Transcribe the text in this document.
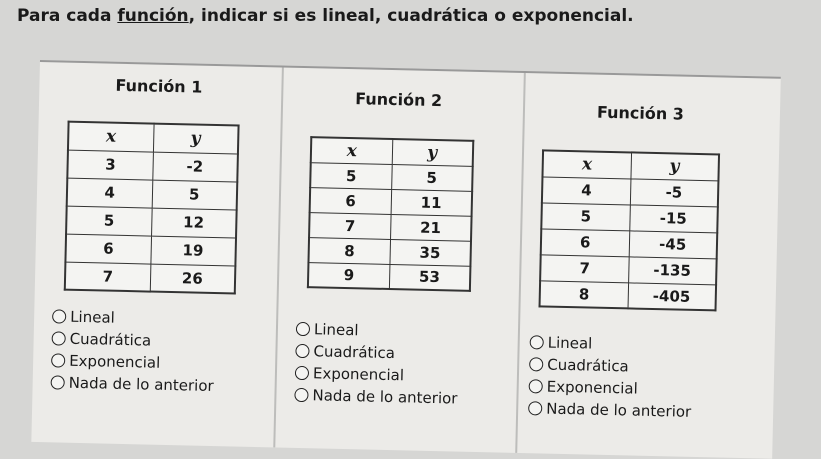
Para cada función, indicar si es lineal, cuadrática o exponencial.
Función 1
x	y
3	-2
4	5
5	12
6	19
7	26
Lineal
Cuadrática
Exponencial
Nada de lo anterior
Función 2
x	y
5	5
6	11
7	21
8	35
9	53
Lineal
Cuadrática
Exponencial
Nada de lo anterior
Función 3
x	y
4	-5
5	-15
6	-45
7	-135
8	-405
Lineal
Cuadrática
Exponencial
Nada de lo anterior
